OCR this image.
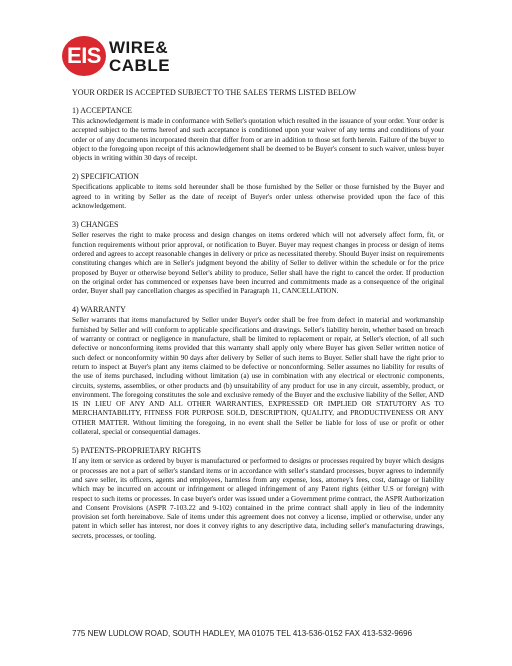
EIS WIRE&
CABLE
YOUR ORDER IS ACCEPTED SUBJECT TO THE SALES TERMS LISTED BELOW
1) ACCEPTANCE

This acknowledgement is made in conformance with Seller's quotation which resulted in the issuance of your order. Your order is accepted subject to the terms hereof and such acceptance is conditioned upon your waiver of any terms and conditions of your order or of any documents incorporated therein that differ from or are in addition to those set forth herein. Failure of the buyer to object to the foregoing upon receipt of this acknowledgement shall be deemed to be Buyer's consent to such waiver, unless buyer objects in writing within 30 days of receipt.

2) SPECIFICATION

Specifications applicable to items sold hereunder shall be those furnished by the Seller or those furnished by the Buyer and agreed to in writing by Seller as the date of receipt of Buyer's order unless otherwise provided upon the face of this acknowledgement.

3) CHANGES

Seller reserves the right to make process and design changes on items ordered which will not adversely affect form, fit, or function requirements without prior approval, or notification to Buyer. Buyer may request changes in process or design of items ordered and agrees to accept reasonable changes in delivery or price as necessitated thereby. Should Buyer insist on requirements constituting changes which are in Seller's judgment beyond the ability of Seller to deliver within the schedule or for the price proposed by Buyer or otherwise beyond Seller's ability to produce, Seller shall have the right to cancel the order. If production on the original order has commenced or expenses have been incurred and commitments made as a consequence of the original order, Buyer shall pay cancellation charges as specified in Paragraph 11, CANCELLATION.

4) WARRANTY

Seller warrants that items manufactured by Seller under Buyer's order shall be free from defect in material and workmanship furnished by Seller and will conform to applicable specifications and drawings. Seller's liability herein, whether based on breach of warranty or contract or negligence in manufacture, shall be limited to replacement or repair, at Seller's election, of all such defective or nonconforming items provided that this warranty shall apply only where Buyer has given Seller written notice of such defect or nonconformity within 90 days after delivery by Seller of such items to Buyer. Seller shall have the right prior to return to inspect at Buyer's plant any items claimed to be defective or nonconforming. Seller assumes no liability for results of the use of items purchased, including without limitation (a) use in combination with any electrical or electronic components, circuits, systems, assemblies, or other products and (b) unsuitability of any product for use in any circuit, assembly, product, or environment. The foregoing constitutes the sole and exclusive remedy of the Buyer and the exclusive liability of the Seller, AND IS IN LIEU OF ANY AND ALL OTHER WARRANTIES, EXPRESSED OR IMPLIED OR STATUTORY AS TO MERCHANTABILITY, FITNESS FOR PURPOSE SOLD, DESCRIPTION, QUALITY, and PRODUCTIVENESS OR ANY OTHER MATTER. Without limiting the foregoing, in no event shall the Seller be liable for loss of use or profit or other collateral, special or consequential damages.

5) PATENTS-PROPRIETARY RIGHTS

If any item or service as ordered by buyer is manufactured or performed to designs or processes required by buyer which designs or processes are not a part of seller's standard items or in accordance with seller's standard processes, buyer agrees to indemnify and save seller, its officers, agents and employees, harmless from any expense, loss, attorney's fees, cost, damage or liability which may be incurred on account or infringement or alleged infringement of any Patent rights (either U.S or foreign) with respect to such items or processes. In case buyer's order was issued under a Government prime contract, the ASPR Authorization and Consent Provisions (ASPR 7-103.22 and 9-102) contained in the prime contract shall apply in lieu of the indemnity provision set forth hereinabove. Sale of items under this agreement does not convey a license, implied or otherwise, under any patent in which seller has interest, nor does it convey rights to any descriptive data, including seller's manufacturing drawings, secrets, processes, or tooling.

775 NEW LUDLOW ROAD, SOUTH HADLEY, MA 01075 TEL 413-536-0152 FAX 413-532-9696
